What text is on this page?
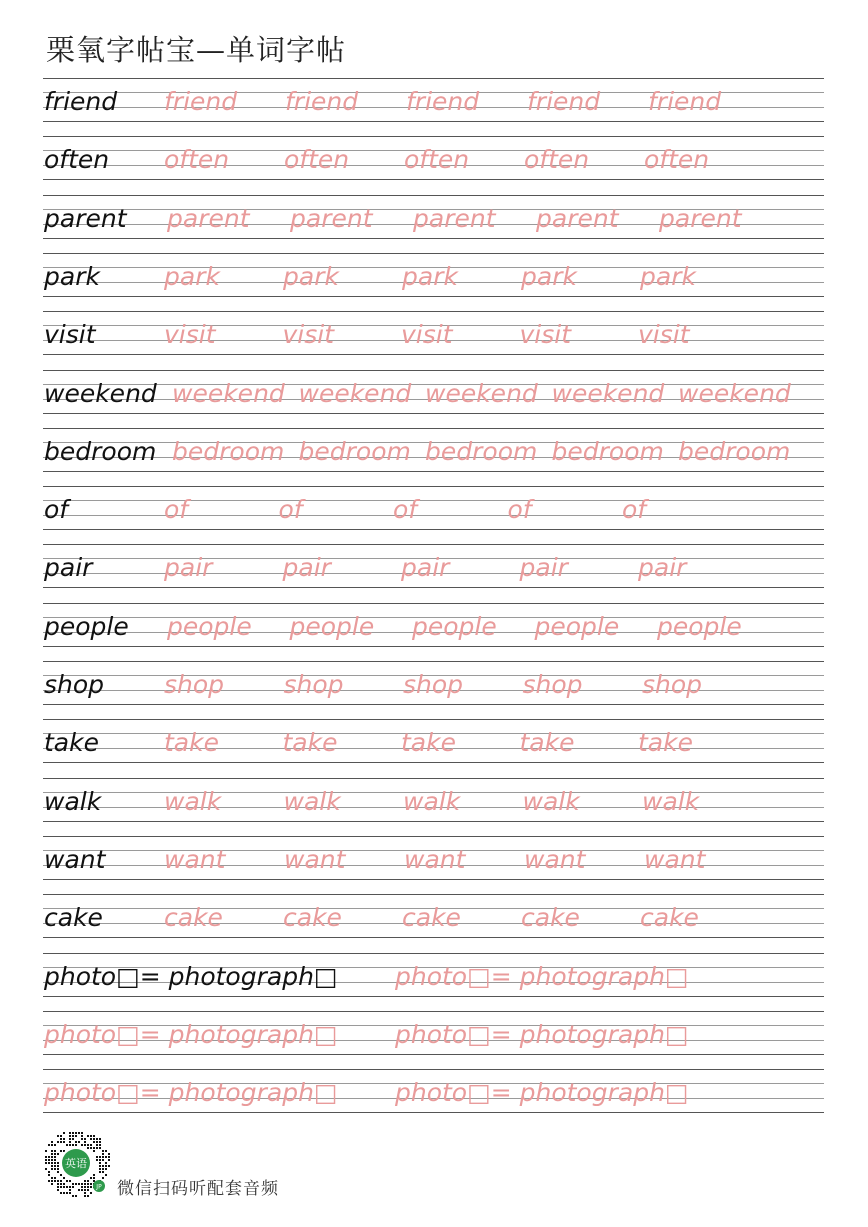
栗氧字帖宝—单词字帖
friend friend friend friend friend friend
often often often often often often
parent parent parent parent parent parent
park	park	park	park	park	park
visit	visit	visit	visit	visit	visit
weekend weekend weekend weekend weekend weekend
bedroom bedroom bedroom bedroom bedroom bedroom
of	of	of	of	of	of
pair	pair	pair	pair	pair	pair
people people people people people people
shop shop shop shop shop shop
take	take	take	take	take	take
walk	walk walk walk walk walk
want want want want want want
cake cake cake cake cake cake
photo□= photograph□ photo□= photograph□
photo□= photograph□ photo□= photograph□
photo□= photograph□ photo□= photograph□
英语
JP 微信扫码听配套音频
